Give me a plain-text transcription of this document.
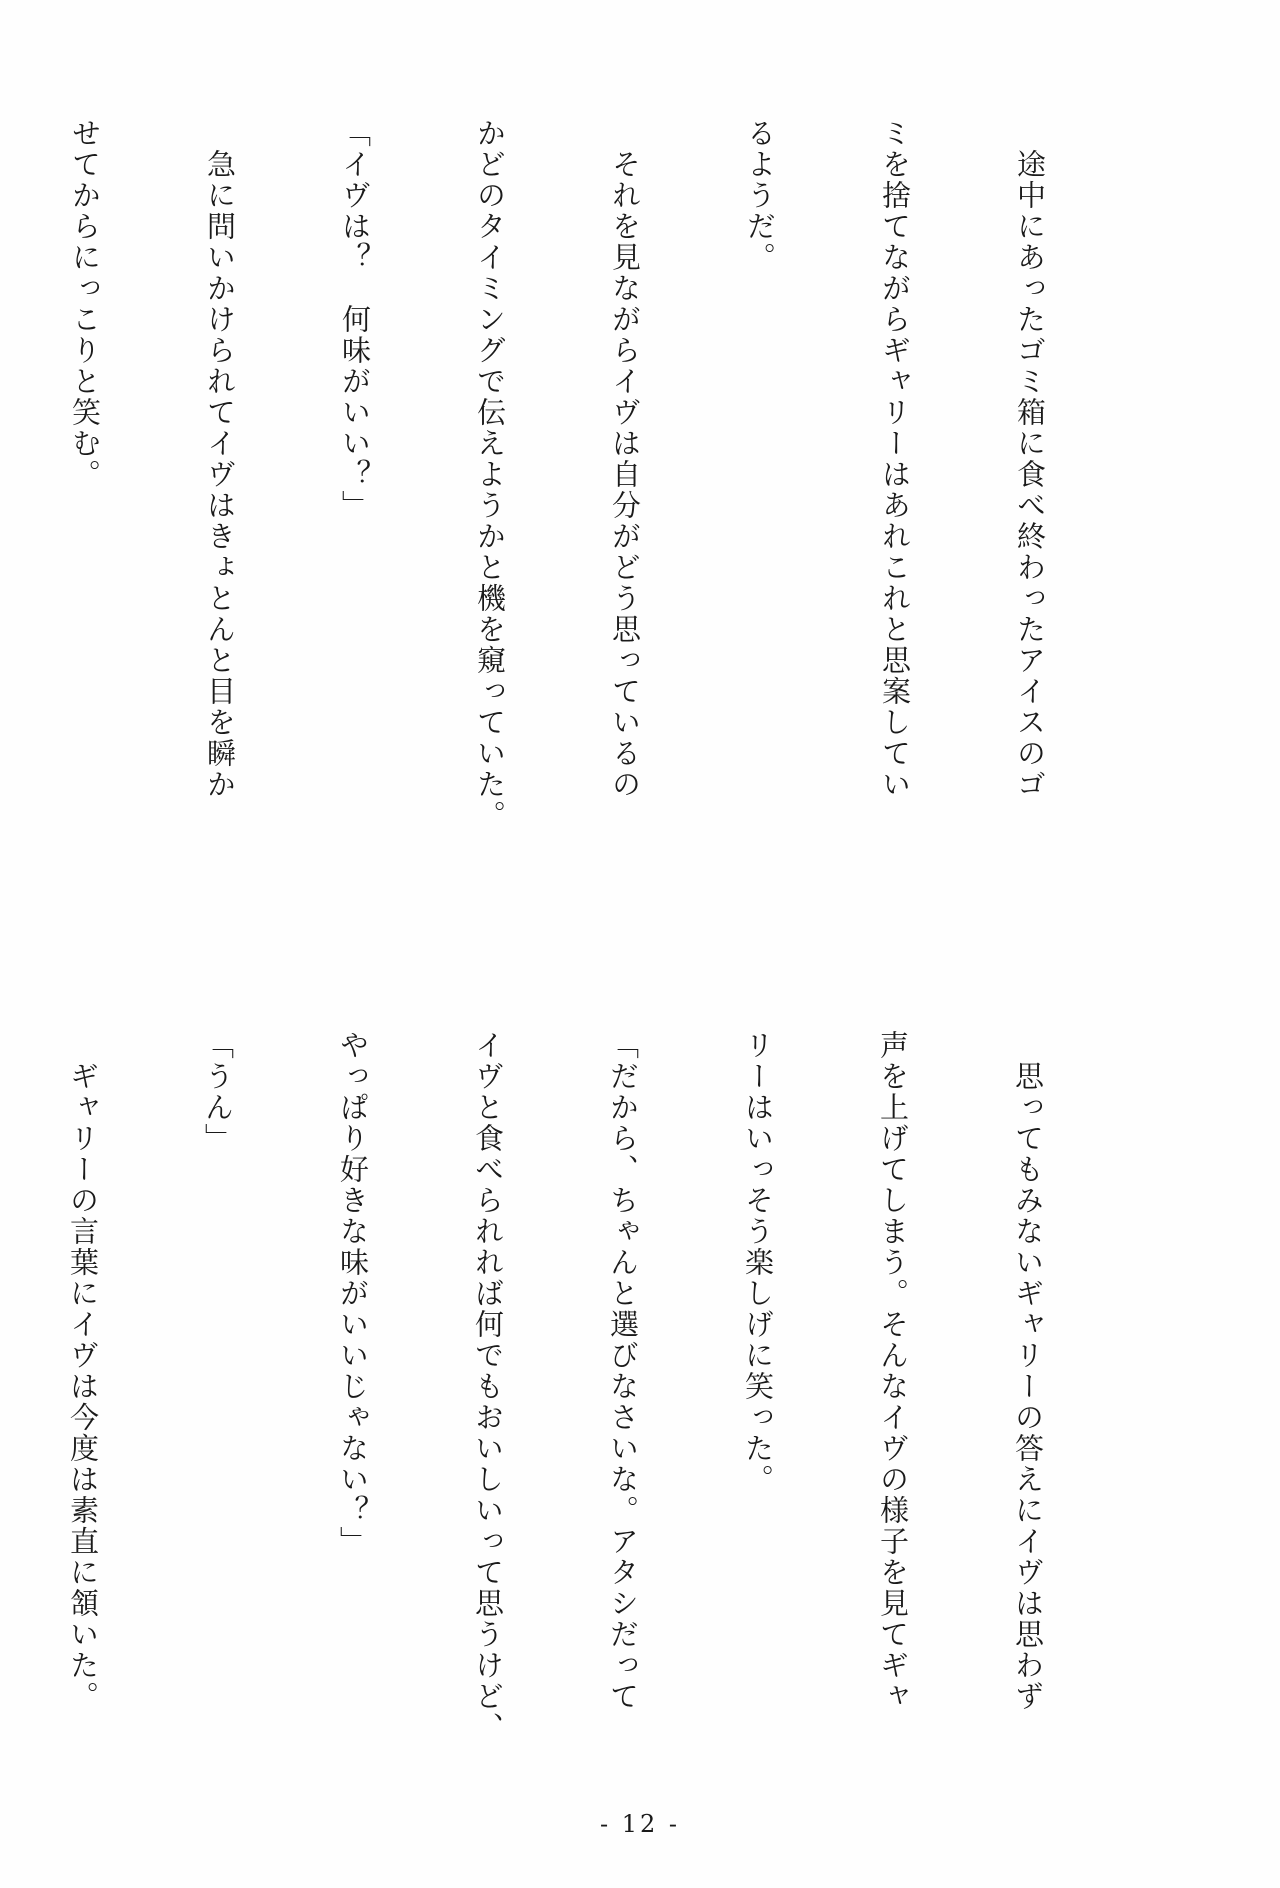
　途中にあったゴミ箱に食べ終わったアイスのゴ

ミを捨てながらギャリーはあれこれと思案してい

るようだ。

　それを見ながらイヴは自分がどう思っているの

かどのタイミングで伝えようかと機を窺っていた。

「イヴは？　何味がいい？」

　急に問いかけられてイヴはきょとんと目を瞬か

せてからにっこりと笑む。

　思ってもみないギャリーの答えにイヴは思わず

声を上げてしまう。そんなイヴの様子を見てギャ

リーはいっそう楽しげに笑った。

「だから、ちゃんと選びなさいな。アタシだって

イヴと食べられれば何でもおいしいって思うけど、

やっぱり好きな味がいいじゃない？」

「うん」

　ギャリーの言葉にイヴは今度は素直に頷いた。

- 12 -
